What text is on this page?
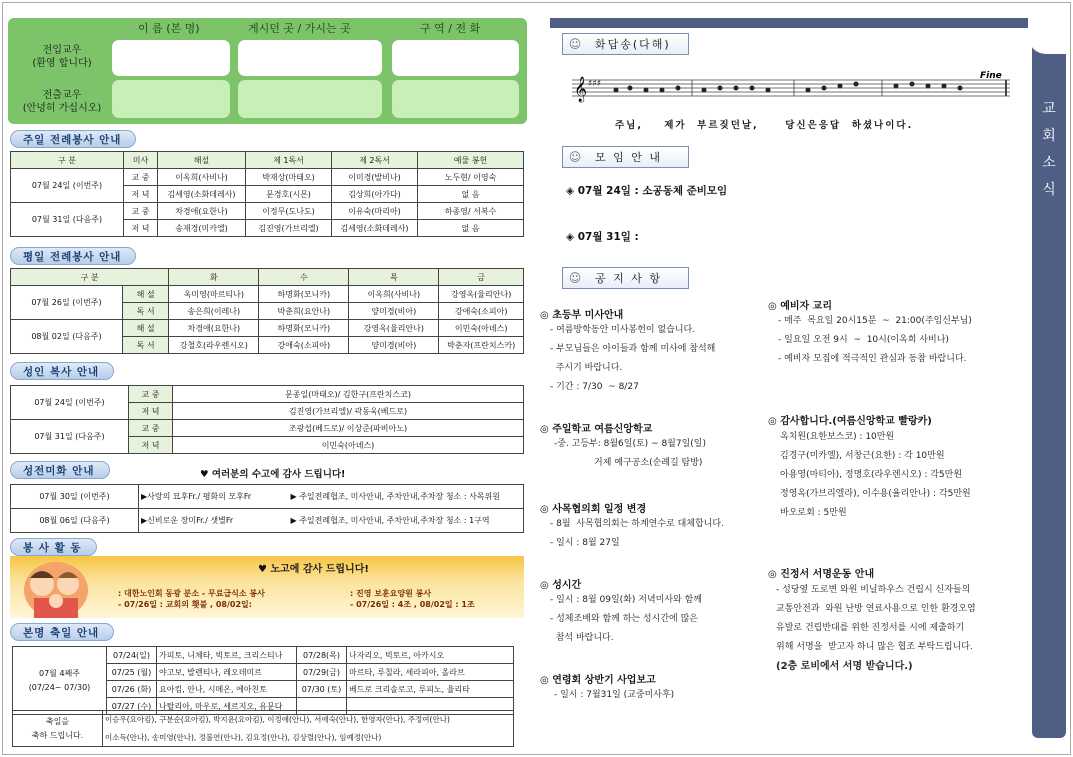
이 름 (본 명)	게시던 곳 / 가시는 곳	구 역 / 전 화
전입교우
(환영 합니다)
전출교우
(안녕히 가십시오)
주일 전례봉사 안내
구 분	미사	해설	제 1독서	제 2독서	예물 봉헌
07월 24일 (이번주)	교 중	이옥희(사비나)	박재상(마태오)	이미경(발비나)	노두현/ 이영숙
	저 녁	김세영(소화데레사)	문경호(시몬)	김상희(아가다)	없 음
07월 31일 (다음주)	교 중	차경애(요한나)	이정무(도나도)	이유숙(마리아)	하종영/ 서복수
	저 녁	송재경(미카엘)	김진영(가브리엘)	김세영(소화데레사)	없 음
평일 전례봉사 안내
구 분		화	수	목	금
07월 26일 (이번주)	해 설	옥미영(마르티나)	하명화(모니카)	이옥희(사비나)	강영옥(율리안나)
	독 서	송은희(이레나)	박춘희(요안나)	양미경(비아)	강애숙(소피아)
08월 02일 (다음주)	해 설	차경애(요한나)	하명화(모니카)	강영옥(율리안나)	이민숙(아녜스)
	독 서	강철호(라우렌시오)	강애숙(소피아)	양미경(비아)	박춘자(프란치스카)
성인 복사 안내
07월 24일 (이번주)	교 중	문종일(마태오)/ 김한구(프란치스코)
	저 녁	김진영(가브리엘)/ 곽동욱(베드로)
07월 31일 (다음주)	교 중	조광섭(베드로)/ 이상준(파비아노)
	저 녁	이민숙(아녜스)
성전미화 안내	♥ 여러분의 수고에 감사 드립니다!
07월 30일 (이번주)	▶사랑의 묘후Fr./ 평화의 모후Fr	▶ 주일전례협조, 미사안내, 주차안내,주차장 청소 : 사목위원
08월 06일 (다음주)	▶신비로운 장미Fr./ 샛별Fr	▶ 주일전례협조, 미사안내, 주차안내,주차장 청소 : 1구역
봉 사 활 동
♥ 노고에 감사 드립니다!
: 대한노인회 동광 분소 - 무료급식소 봉사
- 07/26일 : 교회의 횃불 , 08/02일:
: 진영 보훈요양원 봉사
- 07/26일 : 4조 , 08/02일 : 1조
본명 축일 안내
07월 4째주
(07/24~ 07/30)	07/24(일)	가피토, 니체타, 빅토르, 크리스티나	07/28(목)	나자리오, 빅토르, 아카시오
	07/25 (월)	야고보, 발렌티나, 레오데미르	07/29(금)	마르타, 루칠라, 세라피아, 올라브
	07/26 (화)	요아킴, 안나, 시메온, 에아친토	07/30 (토)	베드로 크리솔로고, 루피노, 율리타
	07/27 (수)	나탈리아, 마우로, 세르지오, 유문다		
축일을
축하 드립니다.
	이승우(요아킴), 구분순(요아킴), 박지윤(요아킴), 이정애(안나), 서애숙(안나), 한영자(안나), 주정여(안나)
이소득(안나), 송미영(안나), 정불연(안나), 김요정(안나), 김상렬(안나), 임예정(안나)
교
회
소
식
☺	화답송(다해)
𝄞 ♯♯♯
Fine
주님,    제가  부르짖던날,     당신은응답  하셨나이다.
☺	모 임 안 내
◈ 07월 24일 : 소공동체 준비모임
◈ 07월 31일 :
☺	공 지 사 항
◎ 초등부 미사안내
- 여름방학동안 미사봉헌이 없습니다.
- 부모님들은 아이들과 함께 미사에 참석해
주시기 바랍니다.
- 기간 : 7/30  ~ 8/27
◎ 주일학교 여름신앙학교
-중. 고등부: 8월6일(토) ~ 8월7일(일)
거제 예구공소(순례길 탐방)
◎ 사목협의회 일정 변경
- 8월  사목협의회는 하계연수로 대체합니다.
- 일시 : 8월 27일
◎ 성시간
- 일시 : 8월 09일(화) 저녁미사와 함께
- 성체조배와 함께 하는 성시간에 많은
참석 바랍니다.
◎ 연령회 상반기 사업보고
- 일시 : 7월31일 (교중미사후)
◎ 예비자 교리
- 매주  목요일 20시15분  ~  21:00(주임신부님)
- 일요일 오전 9시  ~  10시(이옥희 사비나)
- 예비자 모집에 적극적인 관심과 동참 바랍니다.
◎ 감사합니다.(여름신앙학교 빨랑카)
옥치원(요한보스코) : 10만원
김경구(미카엘), 서창근(요한) : 각 10만원
아용영(마티아), 정명호(라우렌시오) : 각5만원
정영옥(가브리엘라), 이수용(율리안나) : 각5만원
바오로회 : 5만원
◎ 진정서 서명운동 안내
- 성당옆 도로변 와원 비닐하우스 건립시 신자들의
교통안전과  와원 난방 연료사용으로 인한 환경오염
유발로 건립반대를 위한 진정서를 시에 제출하기
위해 서명을  받고자 하니 많은 협조 부탁드립니다.
(2층 로비에서 서명 받습니다.)
